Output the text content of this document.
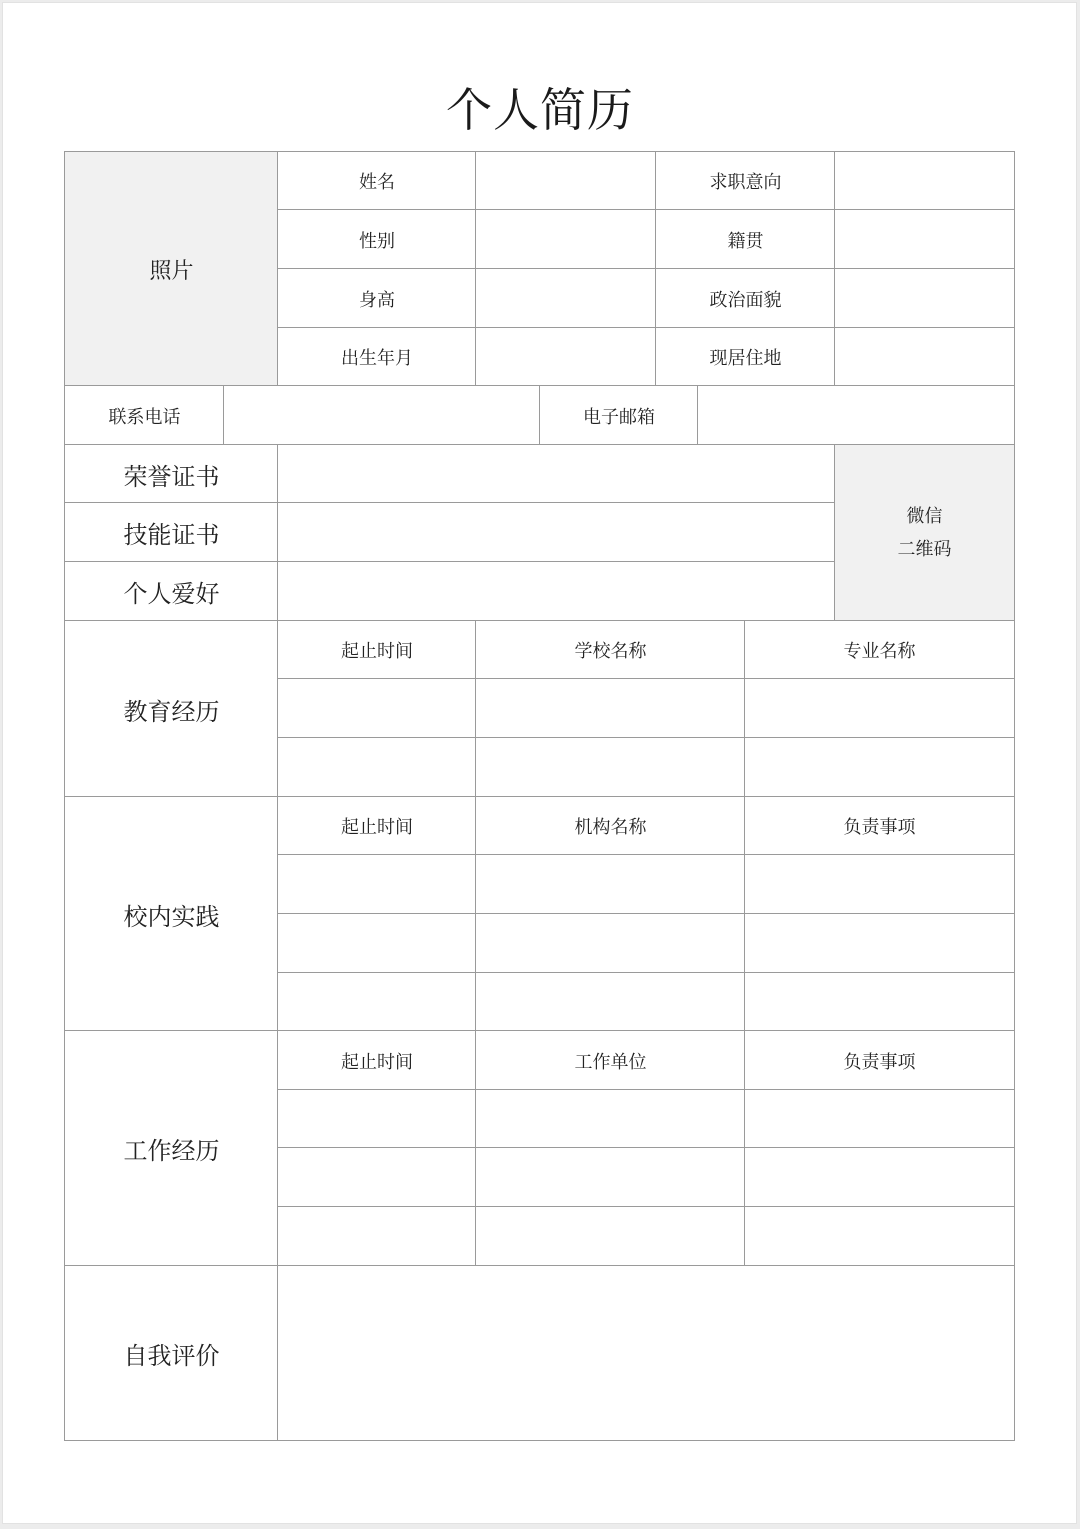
个人简历
照片
姓名	求职意向
性别	籍贯
身高	政治面貌
出生年月	现居住地
联系电话	电子邮箱
荣誉证书
技能证书
个人爱好
微信
二维码
教育经历
起止时间	学校名称	专业名称
校内实践
起止时间	机构名称	负责事项
工作经历
起止时间	工作单位	负责事项
自我评价
